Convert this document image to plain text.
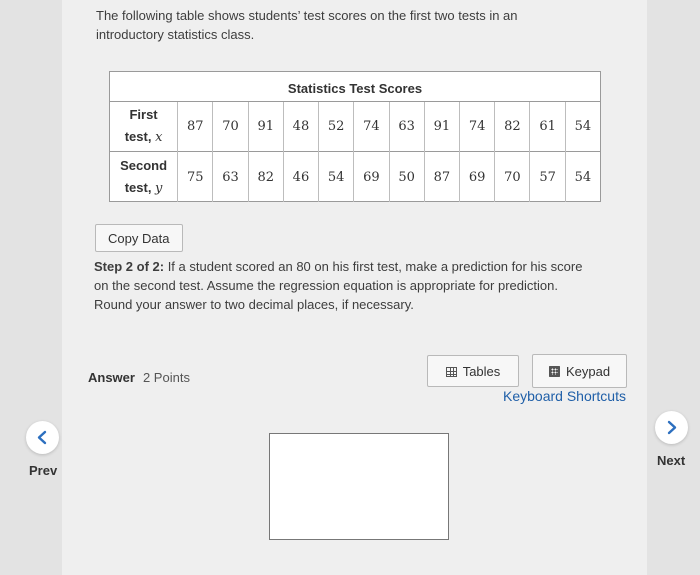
The following table shows students’ test scores on the first two tests in an introductory statistics class.
Statistics Test Scores
First
test, x	87	70	91	48	52	74	63	91	74	82	61	54
Second
test, y	75	63	82	46	54	69	50	87	69	70	57	54
Copy Data
Step 2 of 2: If a student scored an 80 on his first test, make a prediction for his score on the second test. Assume the regression equation is appropriate for prediction. Round your answer to two decimal places, if necessary.
Answer 2 Points	Tables	Keypad
Keyboard Shortcuts
Prev
Next
